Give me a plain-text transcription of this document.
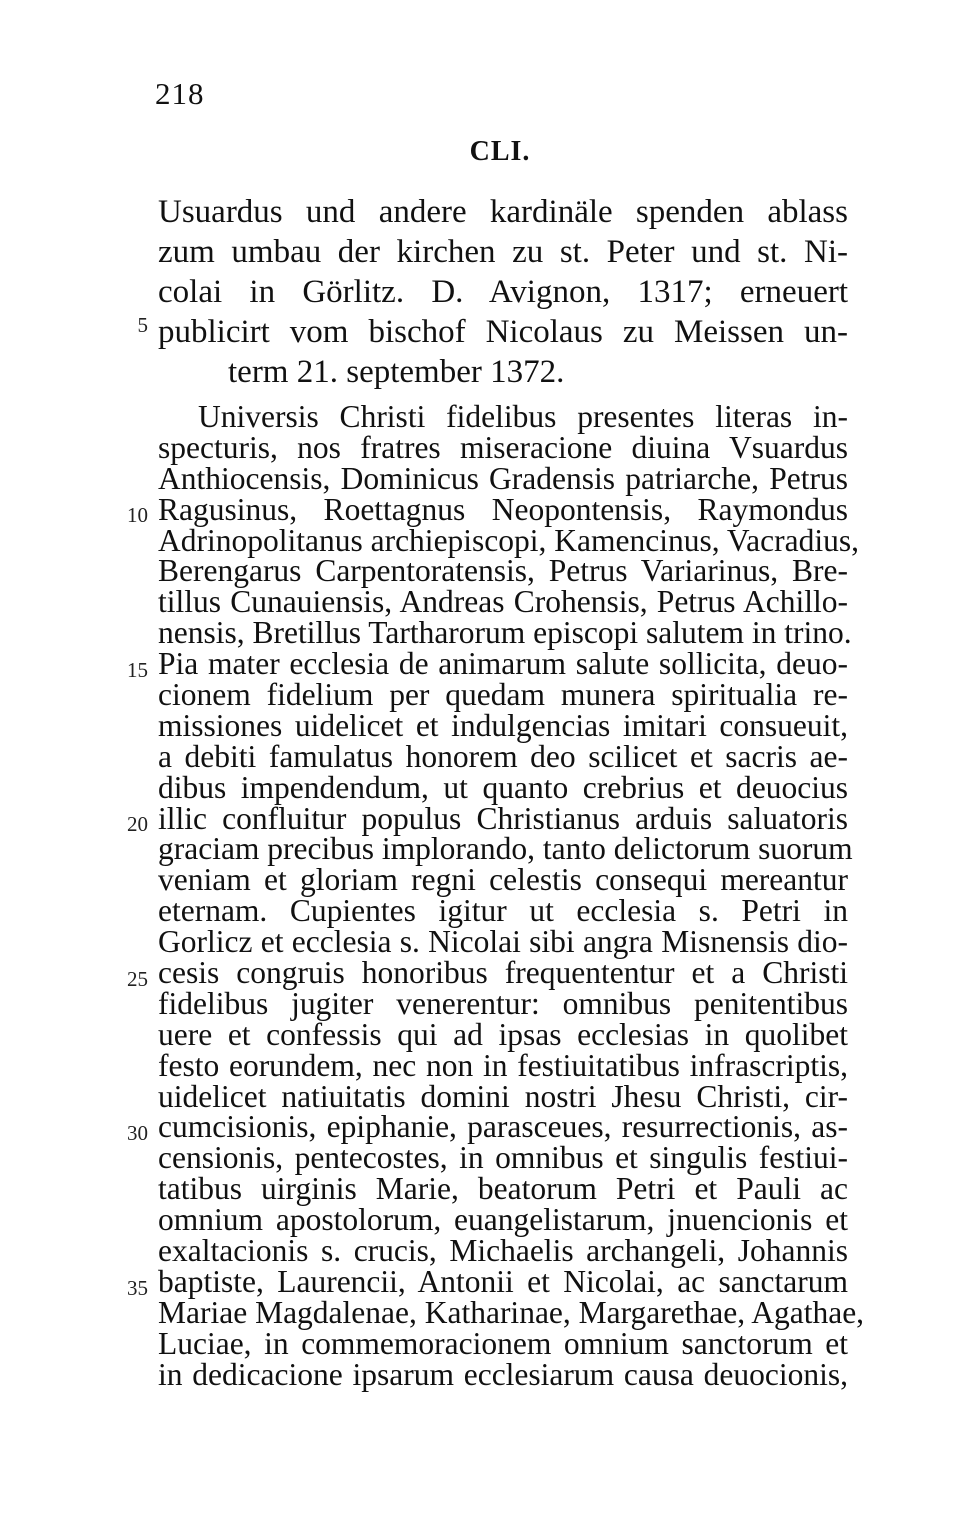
218
CLI.
Usuardus und andere kardinäle spenden ablass
zum umbau der kirchen zu st. Peter und st. Ni-
colai in Görlitz. D. Avignon, 1317; erneuert
publicirt vom bischof Nicolaus zu Meissen un-
term 21. september 1372.
5
Universis Christi fidelibus presentes literas in-
specturis, nos fratres miseracione diuina Vsuardus
Anthiocensis, Dominicus Gradensis patriarche, Petrus
Ragusinus, Roettagnus Neopontensis, Raymondus
Adrinopolitanus archiepiscopi, Kamencinus, Vacradius,
Berengarus Carpentoratensis, Petrus Variarinus, Bre-
tillus Cunauiensis, Andreas Crohensis, Petrus Achillo-
nensis, Bretillus Tartharorum episcopi salutem in trino.
Pia mater ecclesia de animarum salute sollicita, deuo-
cionem fidelium per quedam munera spiritualia re-
missiones uidelicet et indulgencias imitari consueuit,
a debiti famulatus honorem deo scilicet et sacris ae-
dibus impendendum, ut quanto crebrius et deuocius
illic confluitur populus Christianus arduis saluatoris
graciam precibus implorando, tanto delictorum suorum
veniam et gloriam regni celestis consequi mereantur
eternam. Cupientes igitur ut ecclesia s. Petri in
Gorlicz et ecclesia s. Nicolai sibi angra Misnensis dio-
cesis congruis honoribus frequententur et a Christi
fidelibus jugiter venerentur: omnibus penitentibus
uere et confessis qui ad ipsas ecclesias in quolibet
festo eorundem, nec non in festiuitatibus infrascriptis,
uidelicet natiuitatis domini nostri Jhesu Christi, cir-
cumcisionis, epiphanie, parasceues, resurrectionis, as-
censionis, pentecostes, in omnibus et singulis festiui-
tatibus uirginis Marie, beatorum Petri et Pauli ac
omnium apostolorum, euangelistarum, jnuencionis et
exaltacionis s. crucis, Michaelis archangeli, Johannis
baptiste, Laurencii, Antonii et Nicolai, ac sanctarum
Mariae Magdalenae, Katharinae, Margarethae, Agathae,
Luciae, in commemoracionem omnium sanctorum et
in dedicacione ipsarum ecclesiarum causa deuocionis,
10
15
20
25
30
35
